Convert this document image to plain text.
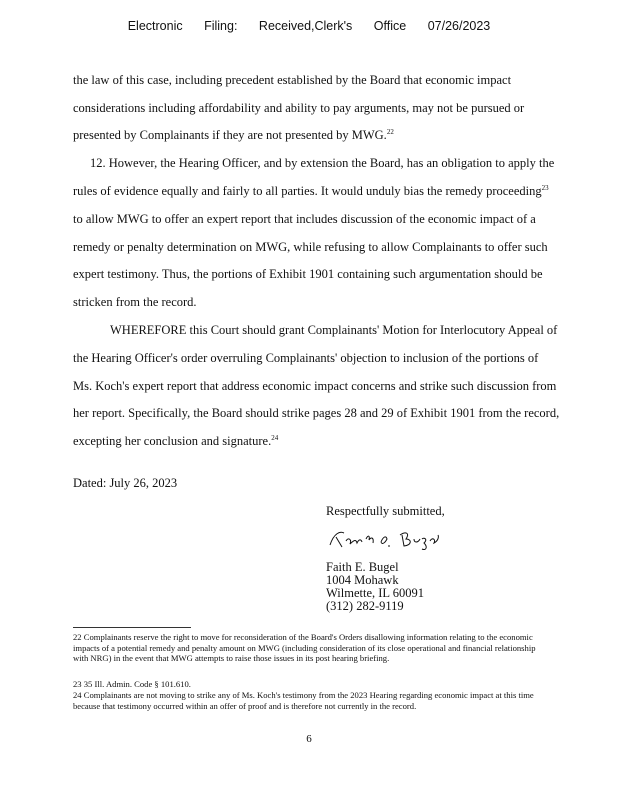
Electronic Filing: Received,Clerk's Office 07/26/2023
the law of this case, including precedent established by the Board that economic impact
considerations including affordability and ability to pay arguments, may not be pursued or
presented by Complainants if they are not presented by MWG.$^{22}$
12. However, the Hearing Officer, and by extension the Board, has an obligation to apply the
rules of evidence equally and fairly to all parties. It would unduly bias the remedy proceeding$^{23}$
to allow MWG to offer an expert report that includes discussion of the economic impact of a
remedy or penalty determination on MWG, while refusing to allow Complainants to offer such
expert testimony. Thus, the portions of Exhibit 1901 containing such argumentation should be
stricken from the record.
WHEREFORE this Court should grant Complainants' Motion for Interlocutory Appeal of
the Hearing Officer's order overruling Complainants' objection to inclusion of the portions of
Ms. Koch's expert report that address economic impact concerns and strike such discussion from
her report. Specifically, the Board should strike pages 28 and 29 of Exhibit 1901 from the record,
excepting her conclusion and signature.$^{24}$
Dated: July 26, 2023
Respectfully submitted,
Faith E. Bugel
1004 Mohawk
Wilmette, IL 60091
(312) 282-9119
22 Complainants reserve the right to move for reconsideration of the Board's Orders disallowing information relating to the economic impacts of a potential remedy and penalty amount on MWG (including consideration of its close operational and financial relationship with NRG) in the event that MWG attempts to raise those issues in its post hearing briefing.
23 35 Ill. Admin. Code § 101.610.
24 Complainants are not moving to strike any of Ms. Koch's testimony from the 2023 Hearing regarding economic impact at this time because that testimony occurred within an offer of proof and is therefore not currently in the record.
6
